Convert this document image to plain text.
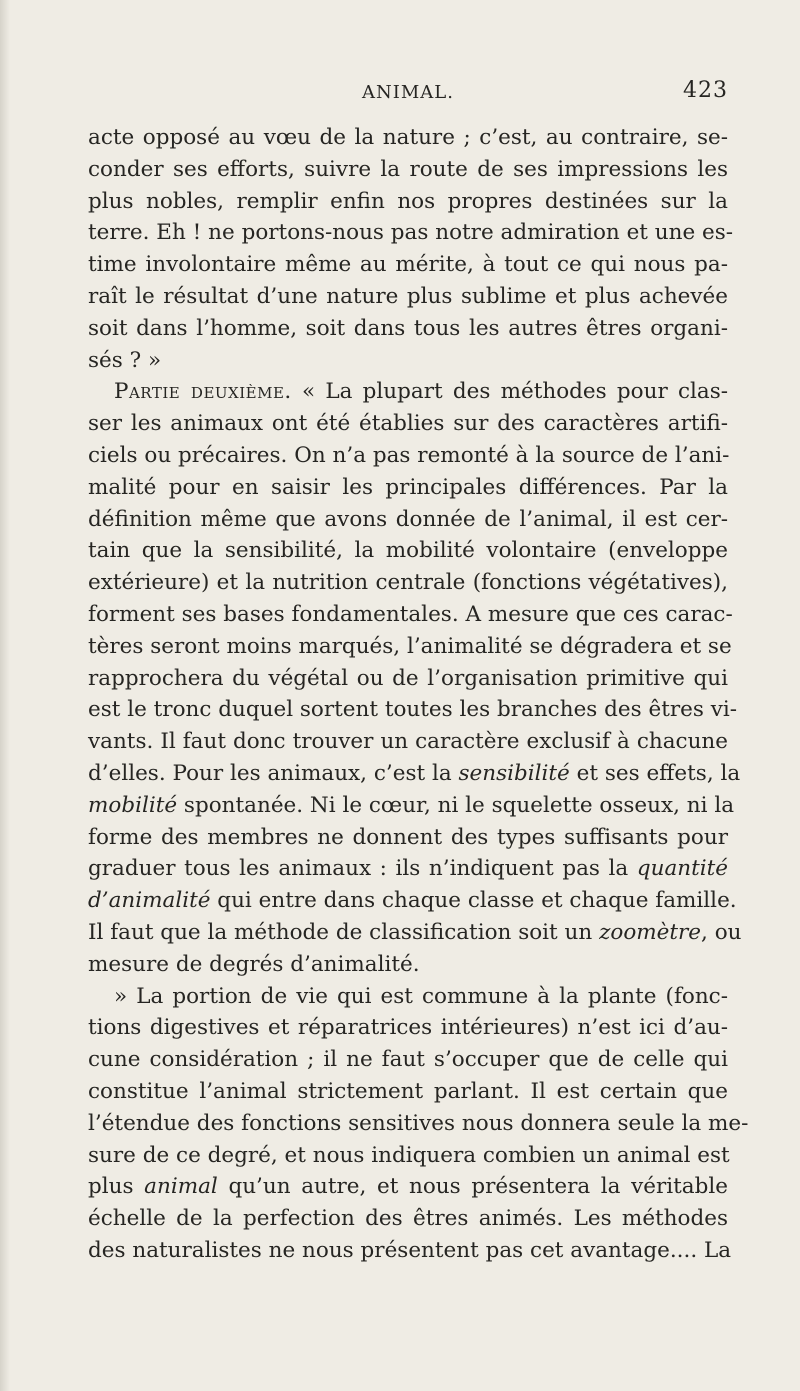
ANIMAL.	423
acte opposé au vœu de la nature ; c’est, au contraire, se-
conder ses efforts, suivre la route de ses impressions les
plus nobles, remplir enfin nos propres destinées sur la
terre. Eh ! ne portons-nous pas notre admiration et une es-
time involontaire même au mérite, à tout ce qui nous pa-
raît le résultat d’une nature plus sublime et plus achevée
soit dans l’homme, soit dans tous les autres êtres organi-
sés ? »
Partie deuxième. « La plupart des méthodes pour clas-
ser les animaux ont été établies sur des caractères artifi-
ciels ou précaires. On n’a pas remonté à la source de l’ani-
malité pour en saisir les principales différences. Par la
définition même que avons donnée de l’animal, il est cer-
tain que la sensibilité, la mobilité volontaire (enveloppe
extérieure) et la nutrition centrale (fonctions végétatives),
forment ses bases fondamentales. A mesure que ces carac-
tères seront moins marqués, l’animalité se dégradera et se
rapprochera du végétal ou de l’organisation primitive qui
est le tronc duquel sortent toutes les branches des êtres vi-
vants. Il faut donc trouver un caractère exclusif à chacune
d’elles. Pour les animaux, c’est la sensibilité et ses effets, la
mobilité spontanée. Ni le cœur, ni le squelette osseux, ni la
forme des membres ne donnent des types suffisants pour
graduer tous les animaux : ils n’indiquent pas la quantité
d’animalité qui entre dans chaque classe et chaque famille.
Il faut que la méthode de classification soit un zoomètre, ou
mesure de degrés d’animalité.
» La portion de vie qui est commune à la plante (fonc-
tions digestives et réparatrices intérieures) n’est ici d’au-
cune considération ; il ne faut s’occuper que de celle qui
constitue l’animal strictement parlant. Il est certain que
l’étendue des fonctions sensitives nous donnera seule la me-
sure de ce degré, et nous indiquera combien un animal est
plus animal qu’un autre, et nous présentera la véritable
échelle de la perfection des êtres animés. Les méthodes
des naturalistes ne nous présentent pas cet avantage.... La
